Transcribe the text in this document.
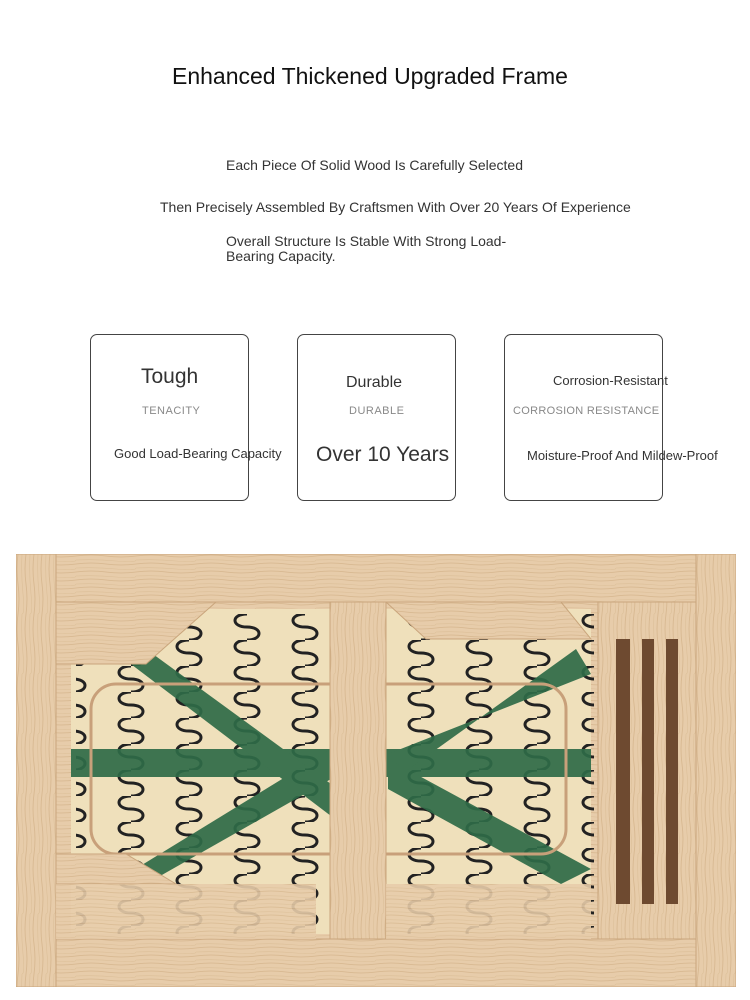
Enhanced Thickened Upgraded Frame
Each Piece Of Solid Wood Is Carefully Selected
Then Precisely Assembled By Craftsmen With Over 20 Years Of Experience
Overall Structure Is Stable With Strong Load-Bearing Capacity.
Tough
TENACITY
Good Load-Bearing Capacity
Durable
DURABLE
Over 10 Years
Corrosion-Resistant
CORROSION RESISTANCE
Moisture-Proof And Mildew-Proof
